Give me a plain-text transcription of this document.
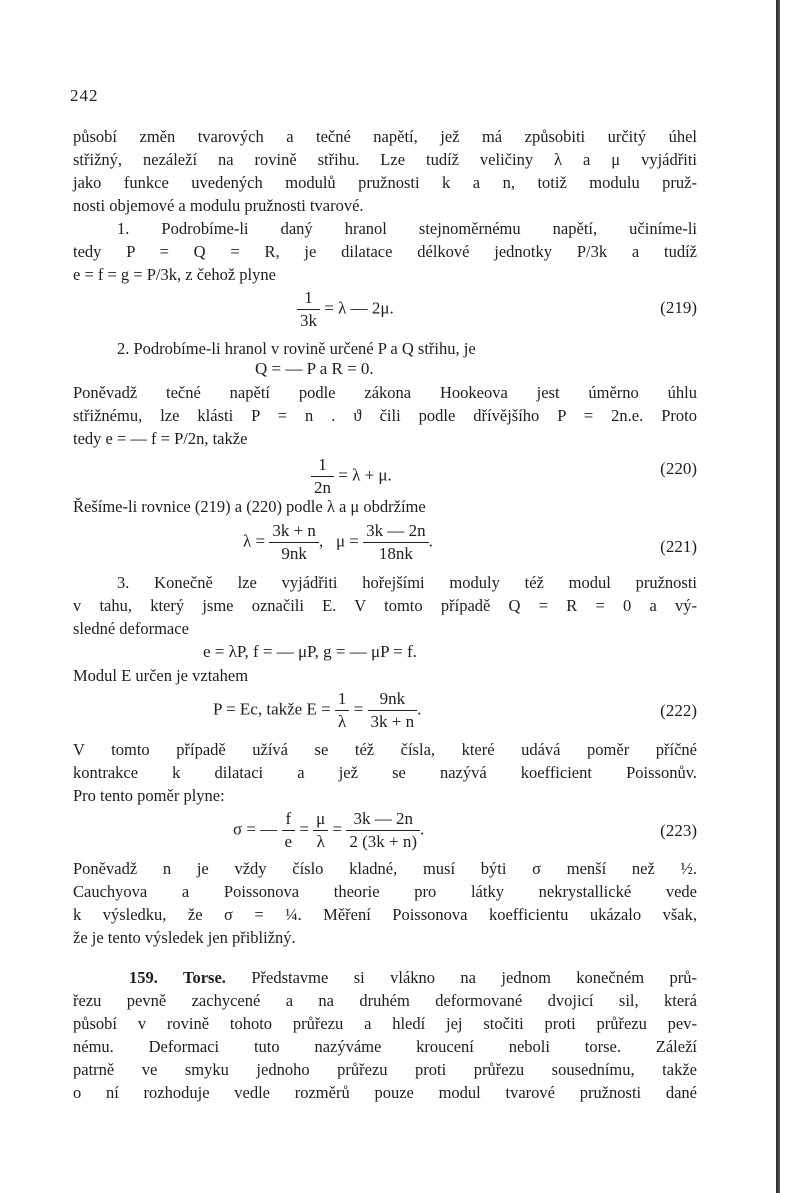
242
působí změn tvarových a tečné napětí, jež má způsobiti určitý úhel
střižný, nezáleží na rovině střihu. Lze tudíž veličiny λ a μ vyjádřiti
jako funkce uvedených modulů pružnosti k a n, totiž modulu pruž-
nosti objemové a modulu pružnosti tvarové.
1. Podrobíme-li daný hranol stejnoměrnému napětí, učiníme-li
tedy P = Q = R, je dilatace délkové jednotky P/3k a tudíž
e = f = g = P/3k, z čehož plyne
$\frac{1}{3k} = \lambda$ — 2μ.	(219)
2. Podrobíme-li hranol v rovině určené P a Q střihu, je
Q = — P a R = 0.
Poněvadž tečné napětí podle zákona Hookeova jest úměrno úhlu
střižnému, lze klásti P = n . ϑ čili podle dřívějšího P = 2n.e. Proto
tedy e = — f = P/2n, takže
$\frac{1}{2n} = \lambda + \mu$.	(220)
Řešíme-li rovnice (219) a (220) podle λ a μ obdržíme
$\lambda = \frac{3k + n}{9nk}$ , $\mu = \frac{3k — 2n}{18nk}$ .	(221)
3. Konečně lze vyjádřiti hořejšími moduly též modul pružnosti
v tahu, který jsme označili E. V tomto případě Q = R = 0 a vý-
sledné deformace
e = λP, f = — μP, g = — μP = f.
Modul E určen je vztahem
P = Ec, takže $E = \frac{1}{\lambda} = \frac{9nk}{3k + n}$ .	(222)
V tomto případě užívá se též čísla, které udává poměr příčné
kontrakce k dilataci a jež se nazývá koefficient Poissonův.
Pro tento poměr plyne:
σ = — $\frac{f}{e} = \frac{\mu}{\lambda} = \frac{3k — 2n}{2 (3k + n)}$ .	(223)
Poněvadž n je vždy číslo kladné, musí býti σ menší než ½.
Cauchyova a Poissonova theorie pro látky nekrystallické vede
k výsledku, že σ = ¼. Měření Poissonova koefficientu ukázalo však,
že je tento výsledek jen přibližný.
159. Torse. Představme si vlákno na jednom konečném prů-
řezu pevně zachycené a na druhém deformované dvojicí sil, která
působí v rovině tohoto průřezu a hledí jej stočiti proti průřezu pev-
nému. Deformaci tuto nazýváme kroucení neboli torse. Záleží
patrně ve smyku jednoho průřezu proti průřezu sousednímu, takže
o ní rozhoduje vedle rozměrů pouze modul tvarové pružnosti dané
